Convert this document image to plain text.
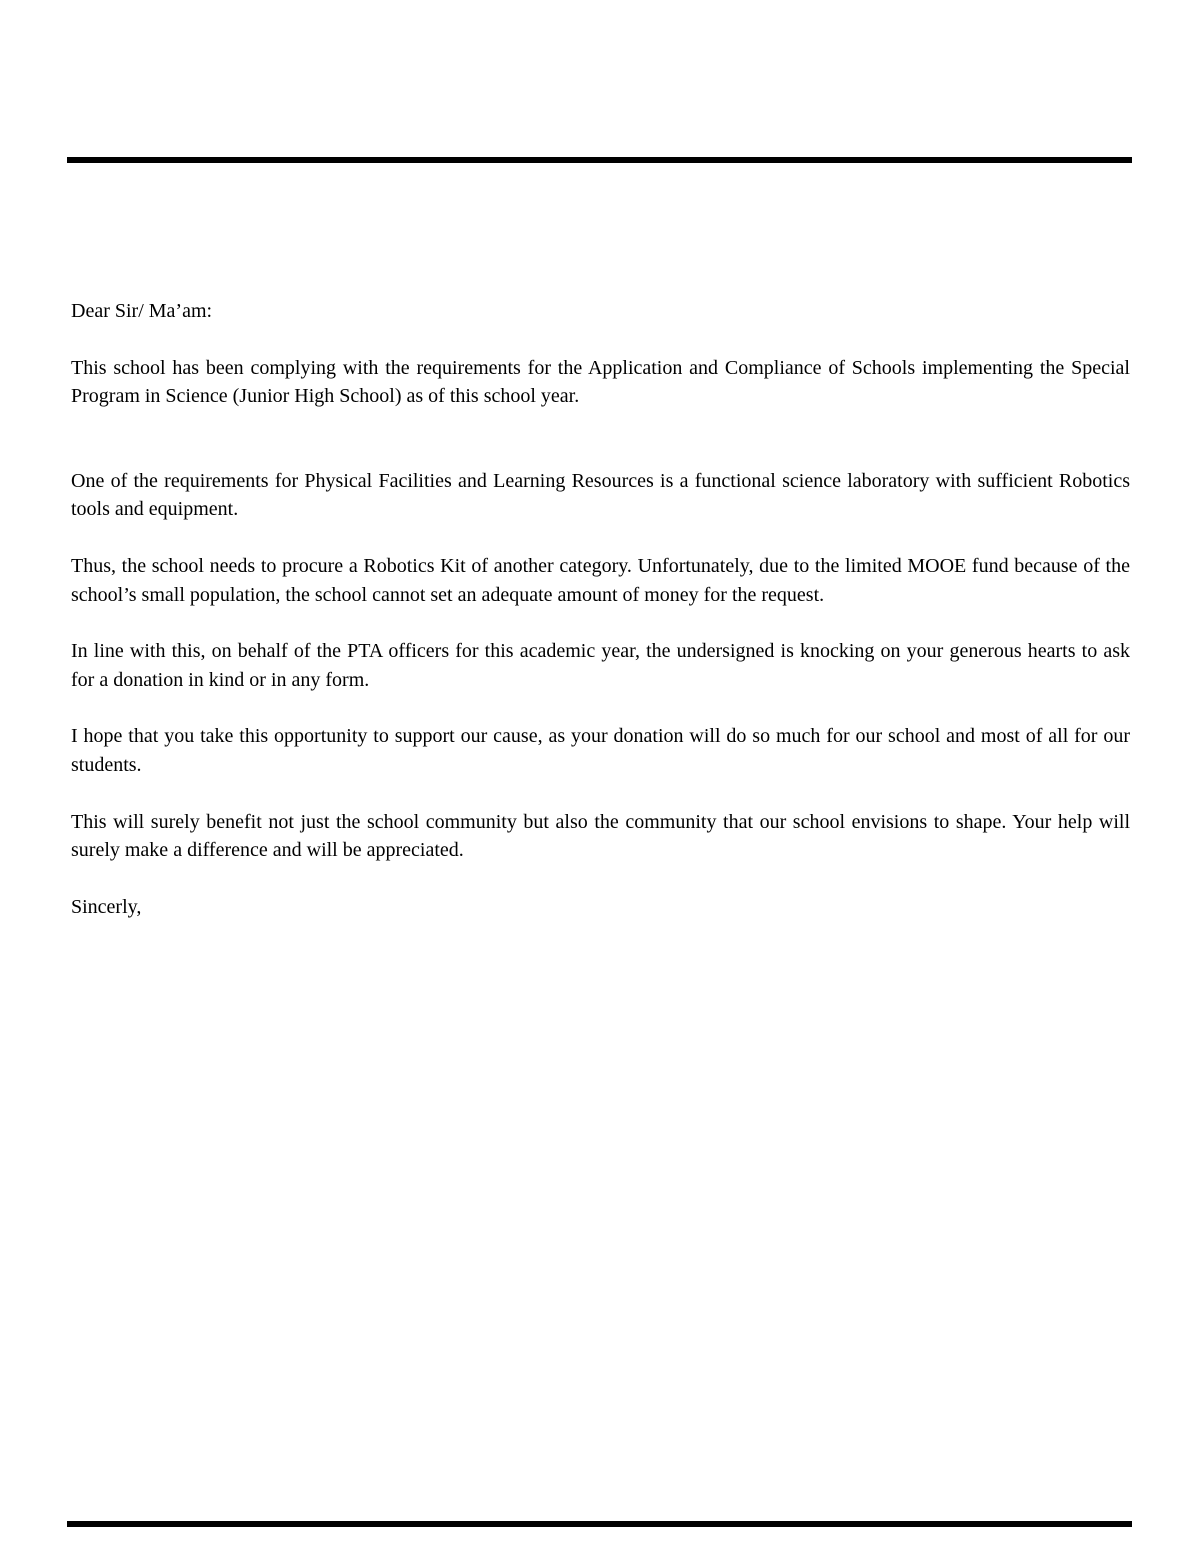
Dear Sir/ Ma’am:

This school has been complying with the requirements for the Application and Compliance of Schools implementing the Special Program in Science (Junior High School) as of this school year.

One of the requirements for Physical Facilities and Learning Resources is a functional science laboratory with sufficient Robotics tools and equipment.

Thus, the school needs to procure a Robotics Kit of another category. Unfortunately, due to the limited MOOE fund because of the school’s small population, the school cannot set an adequate amount of money for the request.

In line with this, on behalf of the PTA officers for this academic year, the undersigned is knocking on your generous hearts to ask for a donation in kind or in any form.

I hope that you take this opportunity to support our cause, as your donation will do so much for our school and most of all for our students.

This will surely benefit not just the school community but also the community that our school envisions to shape. Your help will surely make a difference and will be appreciated.

Sincerly,
